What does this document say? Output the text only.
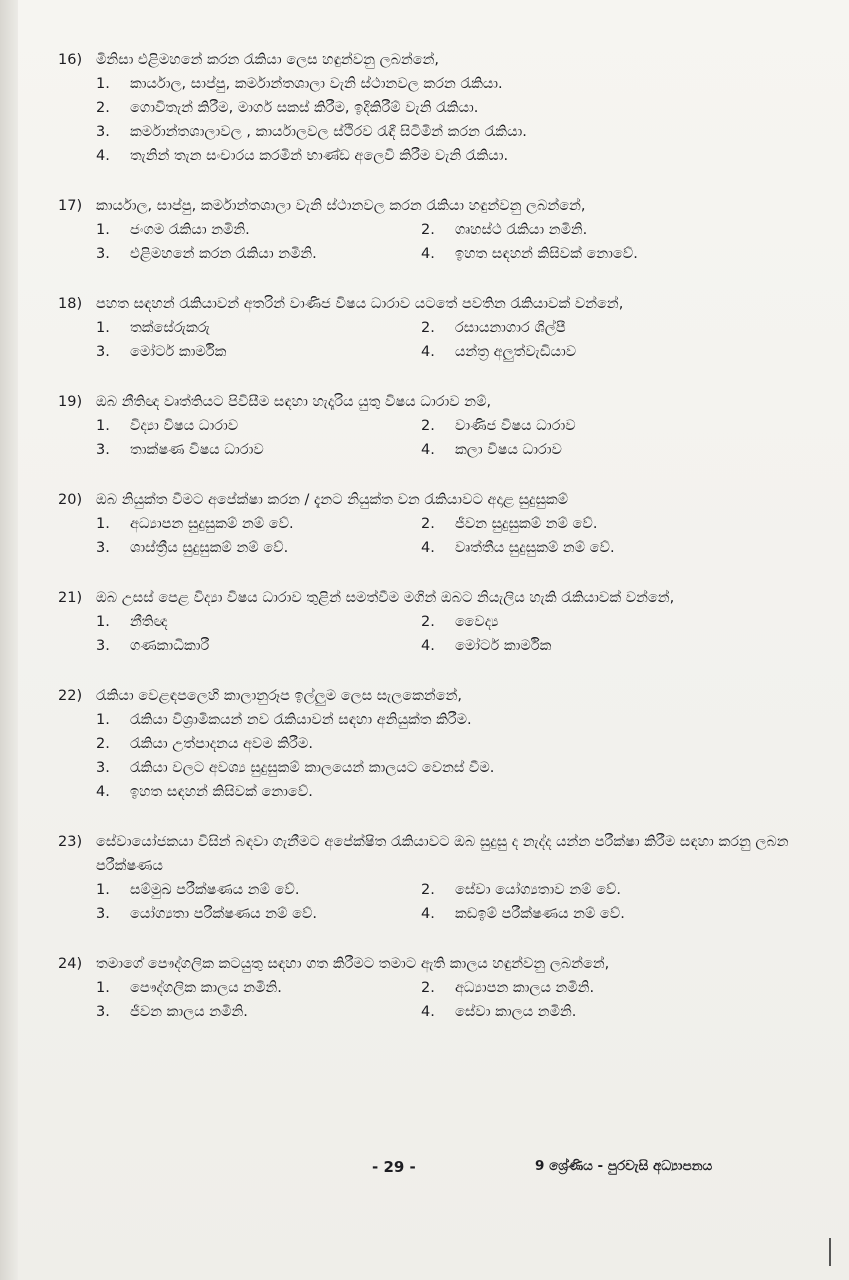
16) මිනිසා එළිමහනේ කරන රැකියා ලෙස හඳුන්වනු ලබන්නේ,
1.	කාර්යාල, සාප්පු, කර්මාන්තශාලා වැනි ස්ථානවල කරන රැකියා.
2.	ගොවිතැන් කිරීම, මාර්ග සකස් කිරීම, ඉදිකිරීම් වැනි රැකියා.
3.	කර්මාන්තශාලාවල , කාර්යාලවල ස්ථිරව රැඳී සිටිමින් කරන රැකියා.
4.	තැනින් තැන සංචාරය කරමින් භාණ්ඩ අලෙවි කිරීම වැනි රැකියා.
17) කාර්යාල, සාප්පු, කර්මාන්තශාලා වැනි ස්ථානවල කරන රැකියා හඳුන්වනු ලබන්නේ,
1.	ජංගම රැකියා නමිනි.	2.	ගෘහස්ථ රැකියා නමිනි.
3.	එළිමහනේ කරන රැකියා නමිනි.	4.	ඉහත සඳහන් කිසිවක් නොවේ.
18) පහත සඳහන් රැකියාවන් අතරින් වාණිජ විෂය ධාරාව යටතේ පවතින රැකියාවක් වන්නේ,
1.	තක්සේරුකරු	2.	රසායනාගාර ශිල්පී
3.	මෝටර් කාර්මික	4.	යන්ත්‍ර අලුත්වැඩියාව
19) ඔබ නීතිඥ වෘත්තියට පිවිසීම සඳහා හැදෑරිය යුතු විෂය ධාරාව නම්,
1.	විද්‍යා විෂය ධාරාව	2.	වාණිජ විෂය ධාරාව
3.	තාක්ෂණ විෂය ධාරාව	4.	කලා විෂය ධාරාව
20) ඔබ නියුක්ත වීමට අපේක්ෂා කරන / දැනට නියුක්ත වන රැකියාවට අදාළ සුදුසුකම්
1.	අධ්‍යාපන සුදුසුකම් නම් වේ.	2.	ජීවන සුදුසුකම් නම් වේ.
3.	ශාස්ත්‍රීය සුදුසුකම් නම් වේ.	4.	වෘත්තීය සුදුසුකම් නම් වේ.
21) ඔබ උසස් පෙළ විද්‍යා විෂය ධාරාව තුළින් සමත්වීම මගින් ඔබට නියැලිය හැකි රැකියාවක් වන්නේ,
1.	නීතිඥ	2.	වෛද්‍ය
3.	ගණකාධිකාරී	4.	මෝටර් කාර්මික
22) රැකියා වෙළඳපලෙහි කාලානුරූප ඉල්ලුම ලෙස සැලකෙන්නේ,
1.	රැකියා විශ්‍රාමිකයන් නව රැකියාවන් සඳහා අනියුක්ත කිරීම.
2.	රැකියා උත්පාදනය අවම කිරීම.
3.	රැකියා වලට අවශ්‍ය සුදුසුකම් කාලයෙන් කාලයට වෙනස් වීම.
4.	ඉහත සඳහන් කිසිවක් නොවේ.
23) සේවායෝජකයා විසින් බඳවා ගැනීමට අපේක්ෂිත රැකියාවට ඔබ සුදුසු ද නැද්ද යන්න පරීක්ෂා කිරීම සඳහා කරනු ලබන පරීක්ෂණය
1.	සම්මුඛ පරීක්ෂණය නම් වේ.	2.	සේවා යෝග්‍යතාව නම් වේ.
3.	යෝග්‍යතා පරීක්ෂණය නම් වේ.	4.	කඩඉම් පරීක්ෂණය නම් වේ.
24) තමාගේ පෞද්ගලික කටයුතු සඳහා ගත කිරීමට තමාට ඇති කාලය හඳුන්වනු ලබන්නේ,
1.	පෞද්ගලික කාලය නමිනි.	2.	අධ්‍යාපන කාලය නමිනි.
3.	ජීවන කාලය නමිනි.	4.	සේවා කාලය නමිනි.
- 29 -	9 ශ්‍රේණිය - පුරවැසි අධ්‍යාපනය
